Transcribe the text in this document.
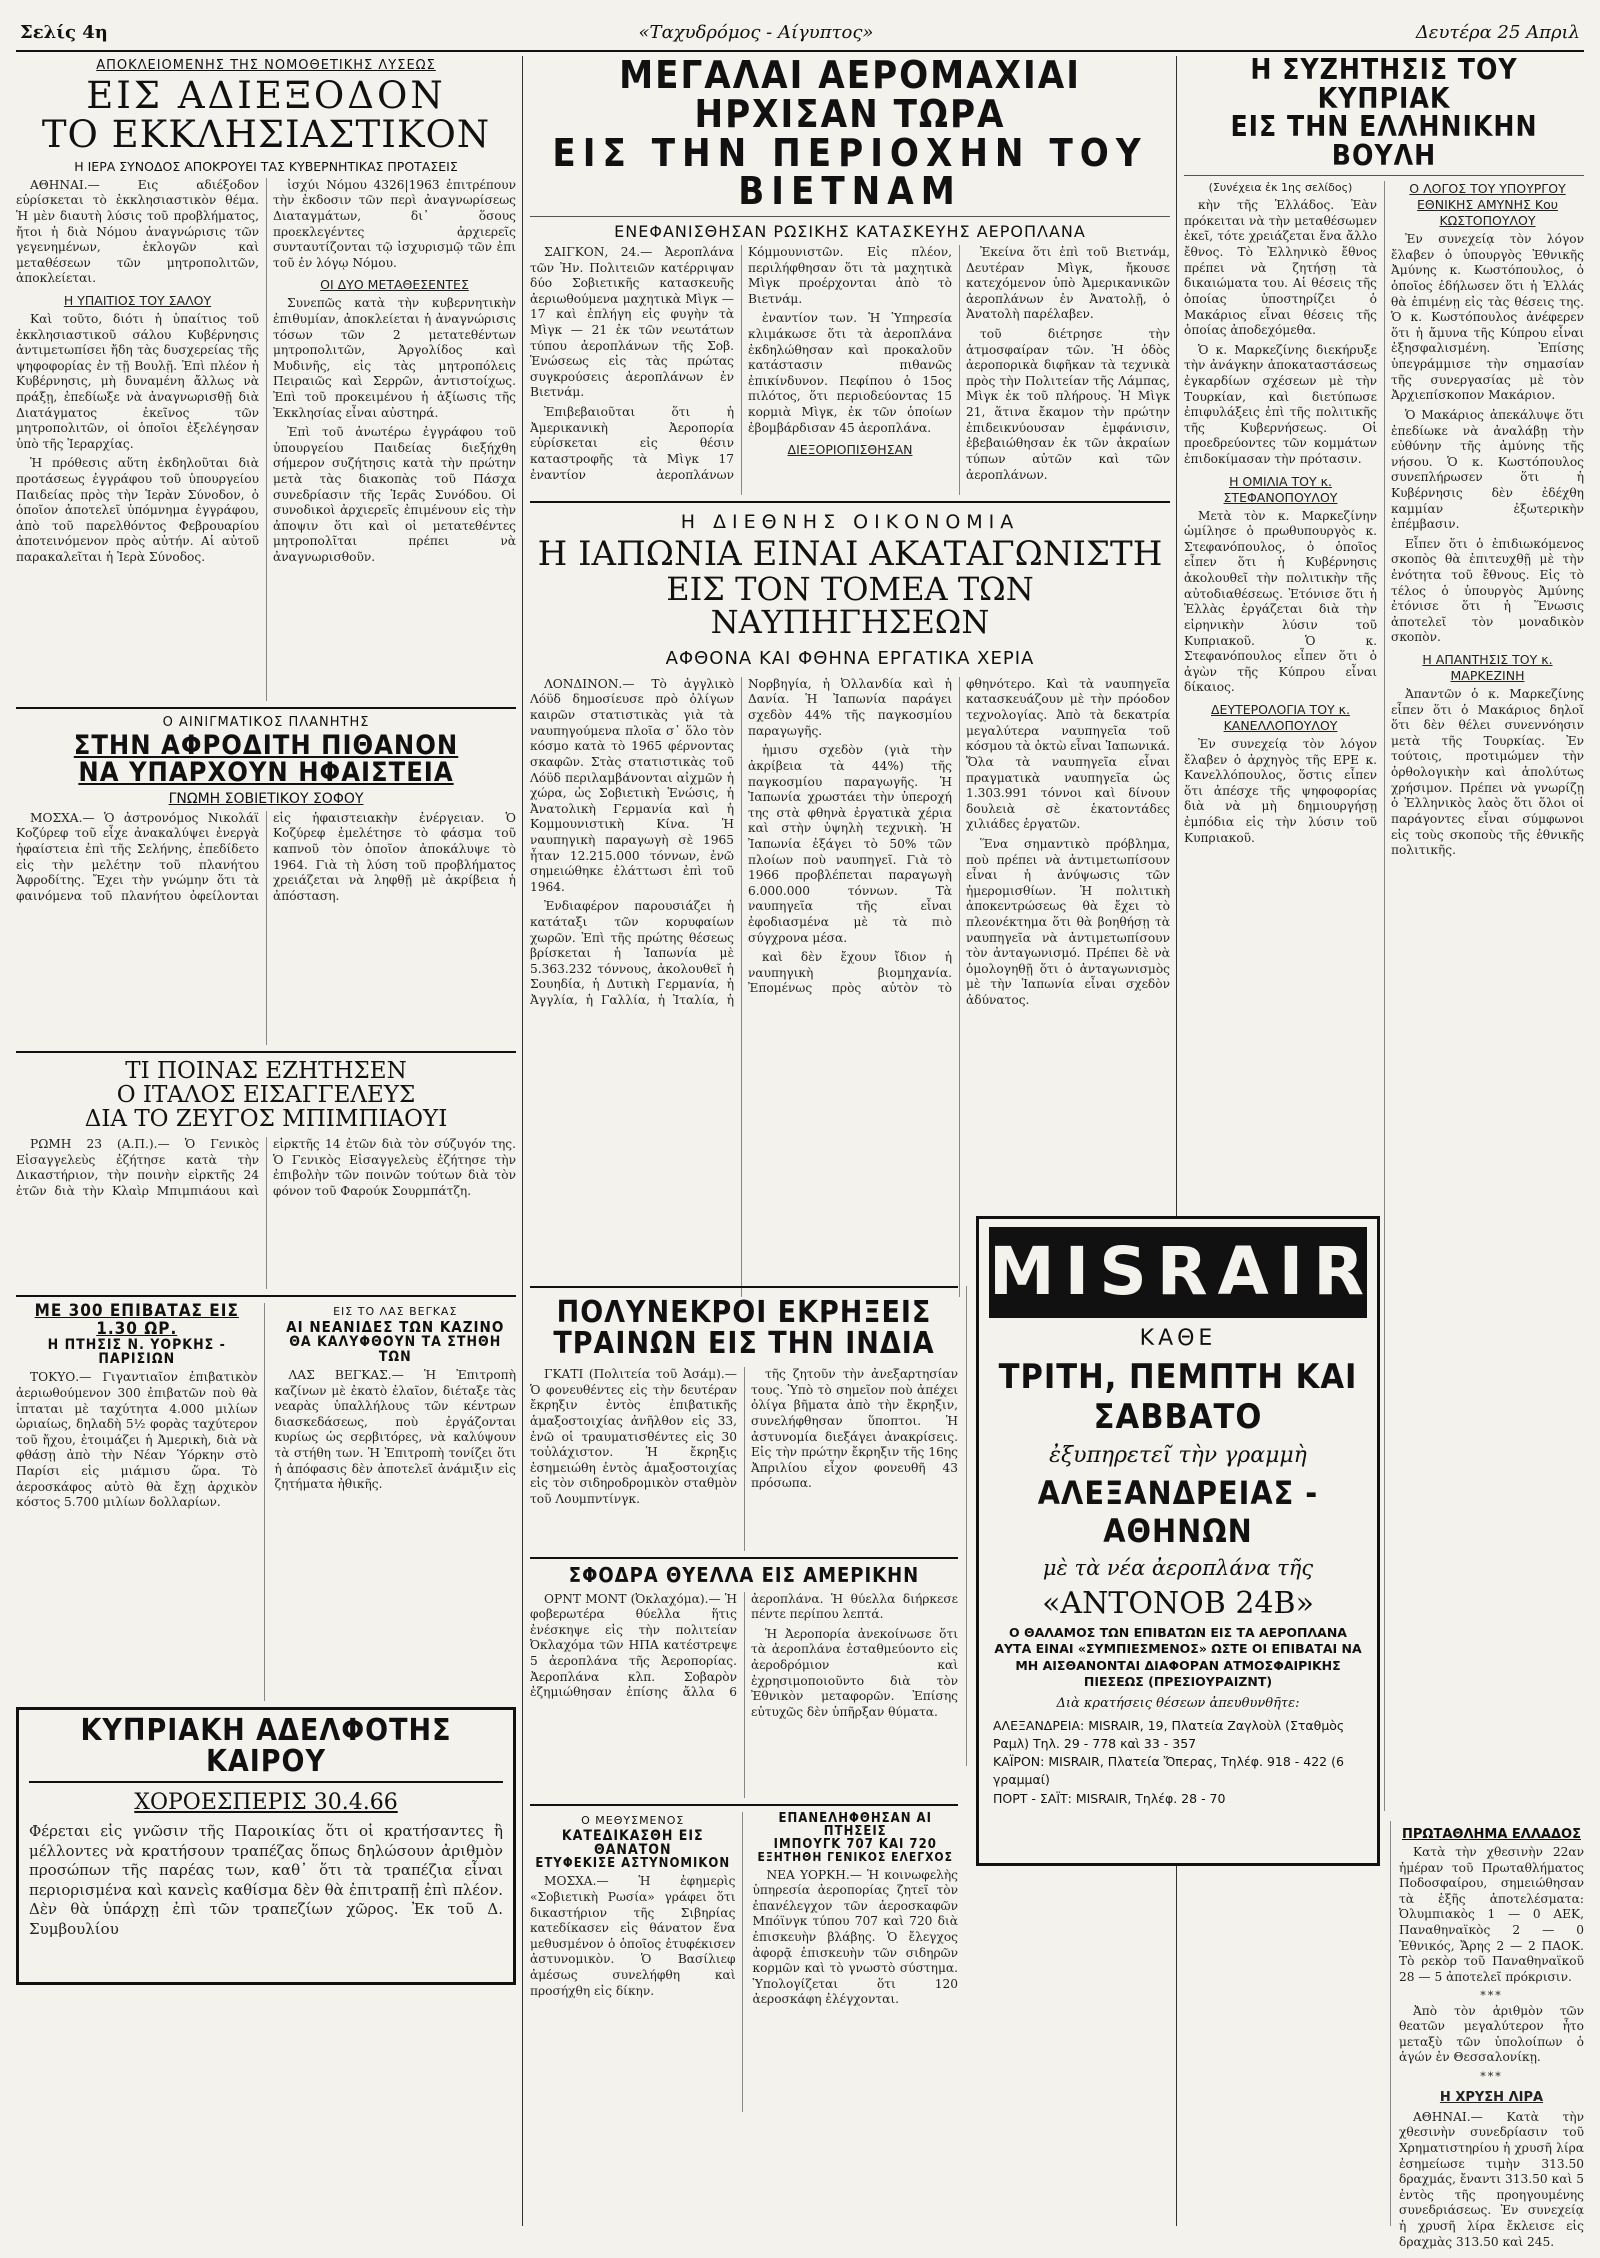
Σελίς 4η	«Ταχυδρόμος - Αίγυπτος»	Δευτέρα 25 Απριλ
ΑΠΟΚΛΕΙΟΜΕΝΗΣ ΤΗΣ ΝΟΜΟΘΕΤΙΚΗΣ ΛΥΣΕΩΣ
ΕΙΣ ΑΔΙΕΞΟΔΟΝ
ΤΟ ΕΚΚΛΗΣΙΑΣΤΙΚΟΝ
Η ΙΕΡΑ ΣΥΝΟΔΟΣ ΑΠΟΚΡΟΥΕΙ ΤΑΣ ΚΥΒΕΡΝΗΤΙΚΑΣ ΠΡΟΤΑΣΕΙΣ

ΑΘΗΝΑΙ.— Εις αδιέξοδον εὑρίσκεται τὸ ἐκκλησιαστικὸν θέμα. Ἡ μὲν διαυτὴ λύσις τοῦ προβλήματος, ἤτοι ἡ διὰ Νόμου ἀναγνώρισις τῶν γεγενημένων, ἐκλογῶν καὶ μεταθέσεων τῶν μητροπολιτῶν, ἀποκλείεται.

Η ΥΠΑΙΤΙΟΣ ΤΟΥ ΣΑΛΟΥ

Καὶ τοῦτο, διότι ἡ ὑπαίτιος τοῦ ἐκκλησιαστικοῦ σάλου Κυβέρνησις ἀντιμετωπίσει ἤδη τὰς δυσχερείας τῆς ψηφοφορίας ἐν τῇ Βουλῇ. Ἐπὶ πλέον ἡ Κυβέρνησις, μὴ δυναμένη ἄλλως νὰ πράξῃ, ἐπεδίωξε νὰ ἀναγνωρισθῇ διὰ Διατάγματος ἐκεῖνος τῶν μητροπολιτῶν, οἱ ὁποῖοι ἐξελέγησαν ὑπὸ τῆς Ἱεραρχίας.

Ἡ πρόθεσις αὕτη ἐκδηλοῦται διὰ προτάσεως ἐγγράφου τοῦ ὑπουργείου Παιδείας πρὸς τὴν Ἱερὰν Σύνοδον, ὁ ὁποῖον ἀποτελεῖ ὑπόμνημα ἐγγράφου, ἀπὸ τοῦ παρελθόντος Φεβρουαρίου ἀποτεινόμενον πρὸς αὐτήν. Αἱ αὐτοῦ παρακαλεῖται ἡ Ἱερὰ Σύνοδος.

ἰσχύι Νόμου 4326|1963 ἐπιτρέπουν τὴν ἐκδοσιν τῶν περὶ ἀναγνωρίσεως Διαταγμάτων, δι᾽ ὅσους προεκλεγέντες ἀρχιερεῖς συνταυτίζονται τῷ ἰσχυρισμῷ τῶν ἐπι τοῦ ἐν λόγῳ Νόμου.

ΟΙ ΔΥΟ ΜΕΤΑΘΕΣΕΝΤΕΣ

Συνεπῶς κατὰ τὴν κυβερνητικὴν ἐπιθυμίαν, ἀποκλείεται ἡ ἀναγνώρισις τόσων τῶν 2 μετατεθέντων μητροπολιτῶν, Ἀργολίδος καὶ Μυδινῆς, εἰς τὰς μητροπόλεις Πειραιῶς καὶ Σερρῶν, ἀντιστοίχως. Ἐπὶ τοῦ προκειμένου ἡ ἀξίωσις τῆς Ἐκκλησίας εἶναι αὐστηρά.

Ἐπὶ τοῦ ἀνωτέρω ἐγγράφου τοῦ ὑπουργείου Παιδείας διεξήχθη σήμερον συζήτησις κατὰ τὴν πρώτην μετὰ τὰς διακοπὰς τοῦ Πάσχα συνεδρίασιν τῆς Ἱερᾶς Συνόδου. Οἱ συνοδικοὶ ἀρχιερεῖς ἐπιμένουν εἰς τὴν ἀποψιν ὅτι καὶ οἱ μετατεθέντες μητροπολῖται πρέπει νὰ ἀναγνωρισθοῦν.

Ο ΑΙΝΙΓΜΑΤΙΚΟΣ ΠΛΑΝΗΤΗΣ
ΣΤΗΝ ΑΦΡΟΔΙΤΗ ΠΙΘΑΝΟΝ
ΝΑ ΥΠΑΡΧΟΥΝ ΗΦΑΙΣΤΕΙΑ
ΓΝΩΜΗ ΣΟΒΙΕΤΙΚΟΥ ΣΟΦΟΥ

ΜΟΣΧΑ.— Ὁ ἀστρονόμος Νικολάϊ Κοζύρεφ τοῦ εἶχε ἀνακαλύψει ἐνεργὰ ἡφαίστεια ἐπὶ τῆς Σελήνης, ἐπεδίδετο εἰς τὴν μελέτην τοῦ πλανήτου Ἀφροδίτης. Ἔχει τὴν γνώμην ὅτι τὰ φαινόμενα τοῦ πλανήτου ὀφείλονται εἰς ἡφαιστειακὴν ἐνέργειαν. Ὁ Κοζύρεφ ἐμελέτησε τὸ φάσμα τοῦ καπνοῦ τὸν ὁποῖον ἀποκάλυψε τὸ 1964. Γιὰ τὴ λύση τοῦ προβλήματος χρειάζεται νὰ ληφθῇ μὲ ἀκρίβεια ἡ ἀπόσταση.

ΤΙ ΠΟΙΝΑΣ ΕΖΗΤΗΣΕΝ
Ο ΙΤΑΛΟΣ ΕΙΣΑΓΓΕΛΕΥΣ
ΔΙΑ ΤΟ ΖΕΥΓΟΣ ΜΠΙΜΠΙΑΟΥΙ

ΡΩΜΗ 23 (Α.Π.).— Ὁ Γενικὸς Εἰσαγγελεὺς ἐζήτησε κατὰ τὴν Δικαστήριον, τὴν ποινὴν εἰρκτῆς 24 ἐτῶν διὰ τὴν Κλαὶρ Μπιμπιάουι καὶ εἰρκτῆς 14 ἐτῶν διὰ τὸν σύζυγόν της. Ὁ Γενικὸς Εἰσαγγελεὺς ἐζήτησε τὴν ἐπιβολὴν τῶν ποινῶν τούτων διὰ τὸν φόνον τοῦ Φαρούκ Σουρμπάτζη.

ΜΕ 300 ΕΠΙΒΑΤΑΣ ΕΙΣ 1.30 ΩΡ.
Η ΠΤΗΣΙΣ Ν. ΥΟΡΚΗΣ - ΠΑΡΙΣΙΩΝ

ΤΟΚΥΟ.— Γιγαντιαῖον ἐπιβατικὸν ἀεριωθούμενον 300 ἐπιβατῶν ποὺ θὰ ἱπταται μὲ ταχύτητα 4.000 μιλίων ὡριαίως, δηλαδὴ 5½ φορὰς ταχύτερον τοῦ ἤχου, ἐτοιμάζει ἡ Ἀμερικὴ, διὰ νὰ φθάσῃ ἀπὸ τὴν Νέαν Ὑόρκην στὸ Παρίσι εἰς μιάμισυ ὥρα. Τὸ ἀεροσκάφος αὐτὸ θὰ ἔχῃ ἀρχικὸν κόστος 5.700 μιλίων δολλαρίων.

ΕΙΣ ΤΟ ΛΑΣ ΒΕΓΚΑΣ
ΑΙ ΝΕΑΝΙΔΕΣ ΤΩΝ ΚΑΖΙΝΟ
ΘΑ ΚΑΛΥΦΘΟΥΝ ΤΑ ΣΤΗΘΗ ΤΩΝ

ΛΑΣ ΒΕΓΚΑΣ.— Ἡ Ἐπιτροπὴ καζίνων μὲ ἐκατὸ ἐλαῖον, διέταξε τὰς νεαρὰς ὑπαλλήλους τῶν κέντρων διασκεδάσεως, ποὺ ἐργάζονται κυρίως ὡς σερβιτόρες, νὰ καλύψουν τὰ στήθη των. Ἡ Ἐπιτροπὴ τονίζει ὅτι ἡ ἀπόφασις δὲν ἀποτελεῖ ἀνάμιξιν εἰς ζητήματα ἠθικῆς.

ΚΥΠΡΙΑΚΗ ΑΔΕΛΦΟΤΗΣ ΚΑΙΡΟΥ
ΧΟΡΟΕΣΠΕΡΙΣ 30.4.66
Φέρεται εἰς γνῶσιν τῆς Παροικίας ὅτι οἱ κρατήσαντες ἢ μέλλοντες νὰ κρατήσουν τραπέζας ὅπως δηλώσουν ἀριθμὸν προσώπων τῆς παρέας των, καθ᾽ ὅτι τὰ τραπέζια εἶναι περιορισμένα καὶ κανεὶς καθίσμα δὲν θὰ ἐπιτραπῇ ἐπὶ πλέον. Δὲν θὰ ὑπάρχῃ ἐπὶ τῶν τραπεζίων χῶρος. Ἐκ τοῦ Δ. Συμβουλίου
ΜΕΓΑΛΑΙ ΑΕΡΟΜΑΧΙΑΙ ΗΡΧΙΣΑΝ ΤΩΡΑ
ΕΙΣ ΤΗΝ ΠΕΡΙΟΧΗΝ ΤΟΥ ΒΙΕΤΝΑΜ
ΕΝΕΦΑΝΙΣΘΗΣΑΝ ΡΩΣΙΚΗΣ ΚΑΤΑΣΚΕΥΗΣ ΑΕΡΟΠΛΑΝΑ

ΣΑΙΓΚΟΝ, 24.— Ἀεροπλάνα τῶν Ἠν. Πολιτειῶν κατέρριψαν δύο Σοβιετικῆς κατασκευῆς ἀεριωθούμενα μαχητικὰ Μὶγκ — 17 καὶ ἐπλήγη εἰς φυγὴν τὰ Μὶγκ — 21 ἐκ τῶν νεωτάτων τύπου ἀεροπλάνων τῆς Σοβ. Ἑνώσεως εἰς τὰς πρώτας συγκρούσεις ἀεροπλάνων ἐν Βιετνάμ.

Ἐπιβεβαιοῦται ὅτι ἡ Ἀμερικανικὴ Ἀεροπορία εὑρίσκεται εἰς θέσιν καταστροφῆς τὰ Μὶγκ 17 ἐναντίον ἀεροπλάνων Κόμμουνιστῶν. Εἰς πλέον, περιλήφθησαν ὅτι τὰ μαχητικὰ Μὶγκ προέρχονται ἀπὸ τὸ Βιετνάμ.

ἐναντίον των. Ἡ Ὑπηρεσία κλιμάκωσε ὅτι τὰ ἀεροπλάνα ἐκδηλώθησαν καὶ προκαλοῦν κατάστασιν πιθανῶς ἐπικίνδυνον. Πεφίπου ὁ 15ος πιλότος, ὅτι περιοδεύοντας 15 κορμιὰ Μὶγκ, ἐκ τῶν ὁποίων ἐβομβάρδισαν 45 ἀεροπλάνα.

ΔΙΕΞΟΡΙΟΠΙΣΘΗΣΑΝ

Ἐκείνα ὅτι ἐπὶ τοῦ Βιετνάμ, Δευτέραν Μὶγκ, ἤκουσε κατεχόμενον ὑπὸ Ἀμερικανικῶν ἀεροπλάνων ἐν Ἀνατολῇ, ὁ Ἀνατολὴ παρέλαβεν.

τοῦ διέτρησε τὴν ἀτμοσφαίραν τῶν. Ἡ ὁδὸς ἀεροπορικὰ διφῆκαν τὰ τεχνικὰ πρὸς τὴν Πολιτείαν τῆς Λάμπας, Μὶγκ ἐκ τοῦ πλήρους. Ἡ Μὶγκ 21, ἅτινα ἔκαμον τὴν πρώτην ἐπιδεικνύουσαν ἐμφάνισιν, ἐβεβαιώθησαν ἐκ τῶν ἀκραίων τύπων αὐτῶν καὶ τῶν ἀεροπλάνων.

Η ΔΙΕΘΝΗΣ ΟΙΚΟΝΟΜΙΑ
Η ΙΑΠΩΝΙΑ ΕΙΝΑΙ ΑΚΑΤΑΓΩΝΙΣΤΗ
ΕΙΣ ΤΟΝ ΤΟΜΕΑ ΤΩΝ ΝΑΥΠΗΓΗΣΕΩΝ
ΑΦΘΟΝΑ ΚΑΙ ΦΘΗΝΑ ΕΡΓΑΤΙΚΑ ΧΕΡΙΑ

ΛΟΝΔΙΝΟΝ.— Τὸ ἀγγλικὸ Λόϋδ δημοσίευσε πρὸ ὀλίγων καιρῶν στατιστικὰς γιὰ τὰ ναυπηγούμενα πλοῖα σ᾽ ὅλο τὸν κόσμο κατὰ τὸ 1965 φέρνοντας σκαφῶν. Στὰς στατιστικὰς τοῦ Λόϋδ περιλαμβάνονται αἰχμῶν ἡ χώρα, ὡς Σοβιετικὴ Ἑνώσις, ἡ Ἀνατολικὴ Γερμανία καὶ ἡ Κομμουνιστικὴ Κίνα. Ἡ ναυπηγικὴ παραγωγὴ σὲ 1965 ἦταν 12.215.000 τόννων, ἐνῶ σημειώθηκε ἐλάττωσι ἐπὶ τοῦ 1964.

Ἐνδιαφέρον παρουσιάζει ἡ κατάταξι τῶν κορυφαίων χωρῶν. Ἐπὶ τῆς πρώτης θέσεως βρίσκεται ἡ Ἰαπωνία μὲ 5.363.232 τόννους, ἀκολουθεῖ ἡ Σουηδία, ἡ Δυτικὴ Γερμανία, ἡ Ἀγγλία, ἡ Γαλλία, ἡ Ἰταλία, ἡ Νορβηγία, ἡ Ὀλλανδία καὶ ἡ Δανία. Ἡ Ἰαπωνία παράγει σχεδὸν 44% τῆς παγκοσμίου παραγωγῆς.

ἡμισυ σχεδὸν (γιὰ τὴν ἀκρίβεια τὰ 44%) τῆς παγκοσμίου παραγωγῆς. Ἡ Ἰαπωνία χρωστάει τὴν ὑπεροχή της στὰ φθηνὰ ἐργατικὰ χέρια καὶ στὴν ὑψηλὴ τεχνικὴ. Ἡ Ἰαπωνία ἐξάγει τὸ 50% τῶν πλοίων ποὺ ναυπηγεῖ. Γιὰ τὸ 1966 προβλέπεται παραγωγὴ 6.000.000 τόννων. Τὰ ναυπηγεῖα τῆς εἶναι ἐφοδιασμένα μὲ τὰ πιὸ σύγχρονα μέσα.

καὶ δὲν ἔχουν ἴδιον ἡ ναυπηγικὴ βιομηχανία. Ἐπομένως πρὸς αὐτὸν τὸ φθηνότερο. Καὶ τὰ ναυπηγεῖα κατασκευάζουν μὲ τὴν πρόοδον τεχνολογίας. Ἀπὸ τὰ δεκατρία μεγαλύτερα ναυπηγεῖα τοῦ κόσμου τὰ ὀκτὼ εἶναι Ἰαπωνικά. Ὅλα τὰ ναυπηγεῖα εἶναι πραγματικὰ ναυπηγεῖα ὡς 1.303.991 τόννοι καὶ δίνουν δουλειὰ σὲ ἑκατοντάδες χιλιάδες ἐργατῶν.

Ἕνα σημαντικὸ πρόβλημα, ποὺ πρέπει νὰ ἀντιμετωπίσουν εἶναι ἡ ἀνύψωσις τῶν ἡμερομισθίων. Ἡ πολιτικὴ ἀποκεντρώσεως θὰ ἔχει τὸ πλεονέκτημα ὅτι θὰ βοηθήσῃ τὰ ναυπηγεῖα νὰ ἀντιμετωπίσουν τὸν ἀνταγωνισμό. Πρέπει δὲ νὰ ὁμολογηθῇ ὅτι ὁ ἀνταγωνισμὸς μὲ τὴν Ἰαπωνία εἶναι σχεδὸν ἀδύνατος.

ΠΟΛΥΝΕΚΡΟΙ ΕΚΡΗΞΕΙΣ
ΤΡΑΙΝΩΝ ΕΙΣ ΤΗΝ ΙΝΔΙΑ

ΓΚΑΤΙ (Πολιτεία τοῦ Ἀσάμ).— Ὁ φονευθέντες εἰς τὴν δευτέραν ἔκρηξιν ἐντὸς ἐπιβατικῆς ἁμαξοστοιχίας ἀνῆλθον εἰς 33, ἐνῶ οἱ τραυματισθέντες εἰς 30 τοὐλάχιστον. Ἡ ἔκρηξις ἐσημειώθη ἐντὸς ἁμαξοστοιχίας εἰς τὸν σιδηροδρομικὸν σταθμὸν τοῦ Λουμπντίνγκ.

τῆς ζητοῦν τὴν ἀνεξαρτησίαν τους. Ὑπὸ τὸ σημεῖον ποὺ ἀπέχει ὀλίγα βῆματα ἀπὸ τὴν ἔκρηξιν, συνελήφθησαν ὕποπτοι. Ἡ ἀστυνομία διεξάγει ἀνακρίσεις. Εἰς τὴν πρώτην ἔκρηξιν τῆς 16ης Ἀπριλίου εἶχον φονευθῆ 43 πρόσωπα.

ΣΦΟΔΡΑ ΘΥΕΛΛΑ ΕΙΣ ΑΜΕΡΙΚΗΝ

ΟΡΝΤ ΜΟΝΤ (Ὀκλαχόμα).— Ἡ φοβερωτέρα θύελλα ἥτις ἐνέσκηψε εἰς τὴν πολιτείαν Ὀκλαχόμα τῶν ΗΠΑ κατέστρεψε 5 ἀεροπλάνα τῆς Ἀεροπορίας. Ἀεροπλάνα κλπ. Σοβαρὸν ἐζημιώθησαν ἐπίσης ἄλλα 6 ἀεροπλάνα. Ἡ θύελλα διήρκεσε πέντε περίπου λεπτά.

Ἡ Ἀεροπορία ἀνεκοίνωσε ὅτι τὰ ἀεροπλάνα ἐσταθμεύοντο εἰς ἀεροδρόμιον καὶ ἐχρησιμοποιοῦντο διὰ τὸν Ἐθνικὸν μεταφορῶν. Ἐπίσης εὐτυχῶς δὲν ὑπῆρξαν θύματα.

Ο ΜΕΘΥΣΜΕΝΟΣ
ΚΑΤΕΔΙΚΑΣΘΗ ΕΙΣ ΘΑΝΑΤΟΝ
ΕΤΥΦΕΚΙΣΕ ΑΣΤΥΝΟΜΙΚΟΝ

ΜΟΣΧΑ.— Ἡ ἐφημερὶς «Σοβιετικὴ Ρωσία» γράφει ὅτι δικαστήριον τῆς Σιβηρίας κατεδίκασεν εἰς θάνατον ἕνα μεθυσμένον ὁ ὁποῖος ἐτυφέκισεν ἀστυνομικὸν. Ὁ Βασίλιεφ ἀμέσως συνελήφθη καὶ προσήχθη εἰς δίκην.

ΕΠΑΝΕΛΗΦΘΗΣΑΝ ΑΙ ΠΤΗΣΕΙΣ
ΙΜΠΟΥΓΚ 707 ΚΑΙ 720
ΕΞΗΤΗΘΗ ΓΕΝΙΚΟΣ ΕΛΕΓΧΟΣ

ΝΕΑ ΥΟΡΚΗ.— Ἡ κοινωφελὴς ὑπηρεσία ἀεροπορίας ζητεῖ τὸν ἐπανέλεγχον τῶν ἀεροσκαφῶν Μπόϊνγκ τύπου 707 καὶ 720 διὰ ἐπισκευὴν βλάβης. Ὁ ἔλεγχος ἀφορᾷ ἐπισκευὴν τῶν σιδηρῶν κορμῶν καὶ τὸ γνωστὸ σύστημα. Ὑπολογίζεται ὅτι 120 ἀεροσκάφη ἐλέγχονται.

Η ΣΥΖΗΤΗΣΙΣ ΤΟΥ ΚΥΠΡΙΑΚ
ΕΙΣ ΤΗΝ ΕΛΛΗΝΙΚΗΝ ΒΟΥΛΗ
(Συνέχεια ἐκ 1ης σελίδος)

κὴν τῆς Ἑλλάδος. Ἐὰν πρόκειται νὰ τὴν μεταθέσωμεν ἐκεῖ, τότε χρειάζεται ἕνα ἄλλο ἔθνος. Τὸ Ἑλληνικὸ ἔθνος πρέπει νὰ ζητήσῃ τὰ δικαιώματα του. Αἱ θέσεις τῆς ὁποίας ὑποστηρίζει ὁ Μακάριος εἶναι θέσεις τῆς ὁποίας ἀποδεχόμεθα.

Ὁ κ. Μαρκεζίνης διεκήρυξε τὴν ἀνάγκην ἀποκαταστάσεως ἐγκαρδίων σχέσεων μὲ τὴν Τουρκίαν, καὶ διετύπωσε ἐπιφυλάξεις ἐπὶ τῆς πολιτικῆς τῆς Κυβερνήσεως. Οἱ προεδρεύοντες τῶν κομμάτων ἐπιδοκίμασαν τὴν πρότασιν.

Η ΟΜΙΛΙΑ ΤΟΥ κ. ΣΤΕΦΑΝΟΠΟΥΛΟΥ

Μετὰ τὸν κ. Μαρκεζίνην ὡμίλησε ὁ πρωθυπουργὸς κ. Στεφανόπουλος, ὁ ὁποῖος εἶπεν ὅτι ἡ Κυβέρνησις ἀκολουθεῖ τὴν πολιτικὴν τῆς αὐτοδιαθέσεως. Ἐτόνισε ὅτι ἡ Ἑλλὰς ἐργάζεται διὰ τὴν εἰρηνικὴν λύσιν τοῦ Κυπριακοῦ. Ὁ κ. Στεφανόπουλος εἶπεν ὅτι ὁ ἀγὼν τῆς Κύπρου εἶναι δίκαιος.

ΔΕΥΤΕΡΟΛΟΓΙΑ ΤΟΥ κ. ΚΑΝΕΛΛΟΠΟΥΛΟΥ

Ἐν συνεχείᾳ τὸν λόγον ἔλαβεν ὁ ἀρχηγὸς τῆς ΕΡΕ κ. Κανελλόπουλος, ὅστις εἶπεν ὅτι ἀπέσχε τῆς ψηφοφορίας διὰ νὰ μὴ δημιουργήσῃ ἐμπόδια εἰς τὴν λύσιν τοῦ Κυπριακοῦ.

Ο ΛΟΓΟΣ ΤΟΥ ΥΠΟΥΡΓΟΥ ΕΘΝΙΚΗΣ ΑΜΥΝΗΣ Κου ΚΩΣΤΟΠΟΥΛΟΥ

Ἐν συνεχείᾳ τὸν λόγον ἔλαβεν ὁ ὑπουργὸς Ἐθνικῆς Ἀμύνης κ. Κωστόπουλος, ὁ ὁποῖος ἐδήλωσεν ὅτι ἡ Ἑλλάς θὰ ἐπιμένῃ εἰς τὰς θέσεις της. Ὁ κ. Κωστόπουλος ἀνέφερεν ὅτι ἡ ἄμυνα τῆς Κύπρου εἶναι ἐξησφαλισμένη. Ἐπίσης ὑπεγράμμισε τὴν σημασίαν τῆς συνεργασίας μὲ τὸν Ἀρχιεπίσκοπον Μακάριον.

Ὁ Μακάριος ἀπεκάλυψε ὅτι ἐπεδίωκε νὰ ἀναλάβῃ τὴν εὐθύνην τῆς ἀμύνης τῆς νήσου. Ὁ κ. Κωστόπουλος συνεπλήρωσεν ὅτι ἡ Κυβέρνησις δὲν ἐδέχθη καμμίαν ἐξωτερικὴν ἐπέμβασιν.

Εἶπεν ὅτι ὁ ἐπιδιωκόμενος σκοπὸς θὰ ἐπιτευχθῇ μὲ τὴν ἐνότητα τοῦ ἔθνους. Εἰς τὸ τέλος ὁ ὑπουργὸς Ἀμύνης ἐτόνισε ὅτι ἡ Ἕνωσις ἀποτελεῖ τὸν μοναδικὸν σκοπὸν.

Η ΑΠΑΝΤΗΣΙΣ ΤΟΥ κ. ΜΑΡΚΕΖΙΝΗ

Ἀπαντῶν ὁ κ. Μαρκεζίνης εἶπεν ὅτι ὁ Μακάριος δηλοῖ ὅτι δὲν θέλει συνεννόησιν μετὰ τῆς Τουρκίας. Ἐν τούτοις, προτιμώμεν τὴν ὀρθολογικὴν καὶ ἀπολύτως χρήσιμον. Πρέπει νὰ γνωρίζῃ ὁ Ἑλληνικὸς λαὸς ὅτι ὅλοι οἱ παράγοντες εἶναι σύμφωνοι εἰς τοὺς σκοποὺς τῆς ἐθνικῆς πολιτικῆς.

ΠΡΩΤΑΘΛΗΜΑ ΕΛΛΑΔΟΣ

Κατὰ τὴν χθεσινὴν 22αν ἡμέραν τοῦ Πρωταθλήματος Ποδοσφαίρου, σημειώθησαν τὰ ἑξῆς ἀποτελέσματα: Ὀλυμπιακὸς 1 — 0 ΑΕΚ, Παναθηναϊκὸς 2 — 0 Ἐθνικός, Ἄρης 2 — 2 ΠΑΟΚ. Τὸ ρεκὸρ τοῦ Παναθηναϊκοῦ 28 — 5 ἀποτελεῖ πρόκρισιν.

***

Ἀπὸ τὸν ἀριθμὸν τῶν θεατῶν μεγαλύτερον ἦτο μεταξὺ τῶν ὑπολοίπων ὁ ἀγών ἐν Θεσσαλονίκῃ.

***
Η ΧΡΥΣΗ ΛΙΡΑ

ΑΘΗΝΑΙ.— Κατὰ τὴν χθεσινὴν συνεδρίασιν τοῦ Χρηματιστηρίου ἡ χρυσῆ λίρα ἐσημείωσε τιμὴν 313.50 δραχμάς, ἔναντι 313.50 καὶ 5 ἐντὸς τῆς προηγουμένης συνεδριάσεως. Ἐν συνεχείᾳ ἡ χρυσῆ λίρα ἔκλεισε εἰς δραχμὰς 313.50 καὶ 245.

MISRAIR
ΚΑΘΕ
ΤΡΙΤΗ, ΠΕΜΠΤΗ ΚΑΙ ΣΑΒΒΑΤΟ
ἐξυπηρετεῖ τὴν γραμμὴ
ΑΛΕΞΑΝΔΡΕΙΑΣ - ΑΘΗΝΩΝ
μὲ τὰ νέα ἀεροπλάνα τῆς
«ΑΝΤΟΝΟΒ 24Β»
Ο ΘΑΛΑΜΟΣ ΤΩΝ ΕΠΙΒΑΤΩΝ ΕΙΣ ΤΑ ΑΕΡΟΠΛΑΝΑ ΑΥΤΑ ΕΙΝΑΙ «ΣΥΜΠΙΕΣΜΕΝΟΣ» ΩΣΤΕ ΟΙ ΕΠΙΒΑΤΑΙ ΝΑ ΜΗ ΑΙΣΘΑΝΟΝΤΑΙ ΔΙΑΦΟΡΑΝ ΑΤΜΟΣΦΑΙΡΙΚΗΣ ΠΙΕΣΕΩΣ (ΠΡΕΣΙΟΥΡΑΙΖΝΤ)
Διὰ κρατήσεις θέσεων ἀπευθυνθῆτε:
ΑΛΕΞΑΝΔΡΕΙΑ: MISRAIR, 19, Πλατεία Ζαγλοὺλ (Σταθμὸς Ραμλ) Τηλ. 29 - 778 καὶ 33 - 357
ΚΑΪΡΟΝ: MISRAIR, Πλατεία Ὄπερας, Τηλέφ. 918 - 422 (6 γραμμαί)
ΠΟΡΤ - ΣΑΪΤ: MISRAIR, Τηλέφ. 28 - 70
